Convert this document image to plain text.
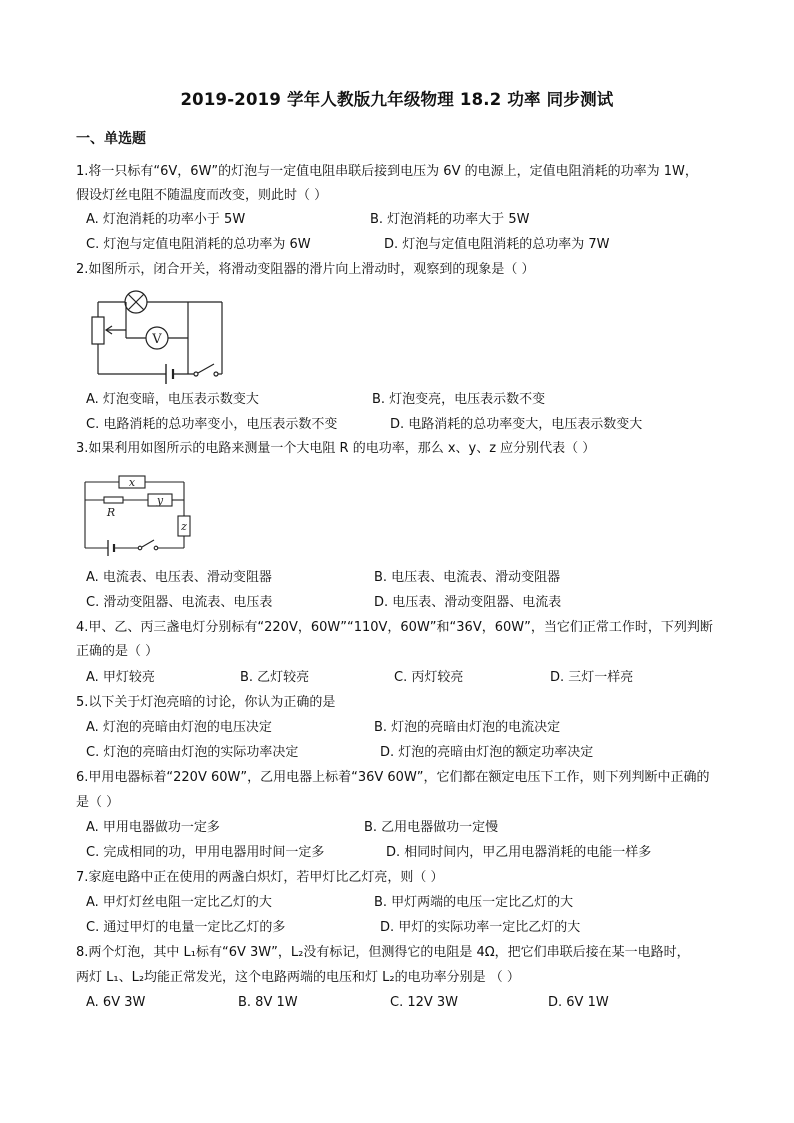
2019-2019 学年人教版九年级物理 18.2 功率 同步测试
一、单选题
1.将一只标有“6V，6W”的灯泡与一定值电阻串联后接到电压为 6V 的电源上，定值电阻消耗的功率为 1W，
假设灯丝电阻不随温度而改变，则此时（ ）
A. 灯泡消耗的功率小于 5W	B. 灯泡消耗的功率大于 5W
C. 灯泡与定值电阻消耗的总功率为 6W	D. 灯泡与定值电阻消耗的总功率为 7W
2.如图所示，闭合开关，将滑动变阻器的滑片向上滑动时，观察到的现象是（ ）
V
A. 灯泡变暗，电压表示数变大	B. 灯泡变亮，电压表示数不变
C. 电路消耗的总功率变小，电压表示数不变	D. 电路消耗的总功率变大，电压表示数变大
3.如果利用如图所示的电路来测量一个大电阻 R 的电功率，那么 x、y、z 应分别代表（ ）
x
R
y
z
A. 电流表、电压表、滑动变阻器	B. 电压表、电流表、滑动变阻器
C. 滑动变阻器、电流表、电压表	D. 电压表、滑动变阻器、电流表
4.甲、乙、丙三盏电灯分别标有“220V，60W”“110V，60W”和“36V，60W”，当它们正常工作时，下列判断
正确的是（ ）
A. 甲灯较亮	B. 乙灯较亮	C. 丙灯较亮	D. 三灯一样亮
5.以下关于灯泡亮暗的讨论，你认为正确的是
A. 灯泡的亮暗由灯泡的电压决定	B. 灯泡的亮暗由灯泡的电流决定
C. 灯泡的亮暗由灯泡的实际功率决定	D. 灯泡的亮暗由灯泡的额定功率决定
6.甲用电器标着“220V 60W”，乙用电器上标着“36V 60W”，它们都在额定电压下工作，则下列判断中正确的
是（ ）
A. 甲用电器做功一定多	B. 乙用电器做功一定慢
C. 完成相同的功，甲用电器用时间一定多	D. 相同时间内，甲乙用电器消耗的电能一样多
7.家庭电路中正在使用的两盏白炽灯，若甲灯比乙灯亮，则（ ）
A. 甲灯灯丝电阻一定比乙灯的大	B. 甲灯两端的电压一定比乙灯的大
C. 通过甲灯的电量一定比乙灯的多	D. 甲灯的实际功率一定比乙灯的大
8.两个灯泡，其中 L₁标有“6V 3W”，L₂没有标记，但测得它的电阻是 4Ω，把它们串联后接在某一电路时，
两灯 L₁、L₂均能正常发光，这个电路两端的电压和灯 L₂的电功率分别是 （ ）
A. 6V 3W	B. 8V 1W	C. 12V 3W	D. 6V 1W
